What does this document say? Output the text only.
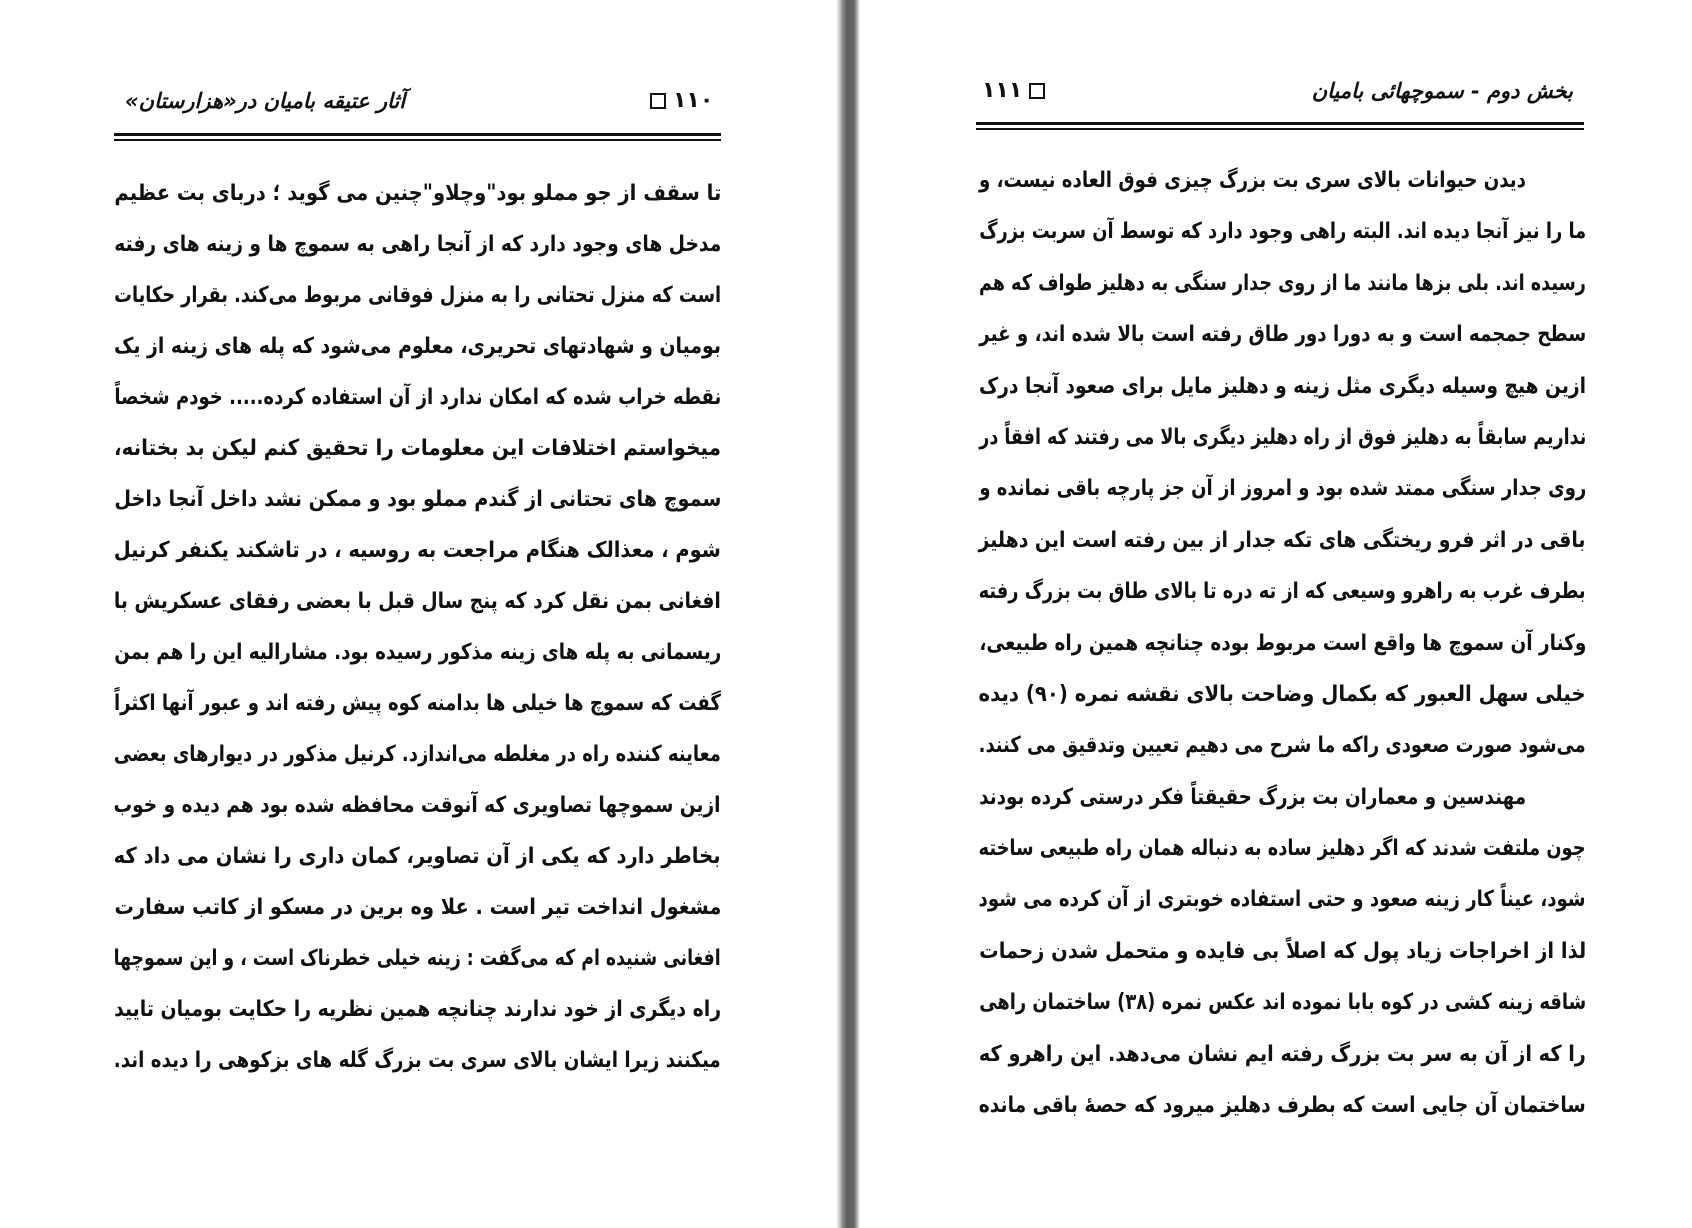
آثار عتیقه بامیان در«هزارستان»	۱۱۰
تا سقف از جو مملو بود"وچلاو"چنین می گوید ؛ دربای بت عظیم
مدخل های وجود دارد که از آنجا راهی به سموچ ها و زینه های رفته
است که منزل تحتانی را به منزل فوقانی مربوط می‌کند. بقرار حکایات
بومیان و شهادتهای تحریری، معلوم می‌شود که پله های زینه از یک
نقطه خراب شده که امکان ندارد از آن استفاده کرده..... خودم شخصاً
میخواستم اختلافات این معلومات را تحقیق کنم لیکن بد بختانه،
سموچ های تحتانی از گندم مملو بود و ممکن نشد داخل آنجا داخل
شوم ، معذالک هنگام مراجعت به روسیه ، در تاشکند یکنفر کرنیل
افغانی بمن نقل کرد که پنج سال قبل با بعضی رفقای عسکریش با
ریسمانی به پله های زینه مذکور رسیده بود. مشارالیه این را هم بمن
گفت که سموچ ها خیلی ها بدامنه کوه پیش رفته اند و عبور آنها اکثراً
معاینه کننده راه در مغلطه می‌اندازد. کرنیل مذکور در دیوارهای بعضی
ازین سموچها تصاویری که آنوقت محافظه شده بود هم دیده و خوب
بخاطر دارد که یکی از آن تصاویر، کمان داری را نشان می داد که
مشغول انداخت تیر است . علا وه برین در مسکو از کاتب سفارت
افغانی شنیده ام که می‌گفت : زینه خیلی خطرناک است ، و این سموچها
راه دیگری از خود ندارند چنانچه همین نظریه را حکایت بومیان تایید
میکنند زیرا ایشان بالای سری بت بزرگ گله های بزکوهی را دیده اند.
بخش دوم - سموچهائی بامیان
۱۱۱
دیدن حیوانات بالای سری بت بزرگ چیزی فوق العاده نیست، و
ما را نیز آنجا دیده اند. البته راهی وجود دارد که توسط آن سربت بزرگ
رسیده اند. بلی بزها مانند ما از روی جدار سنگی به دهلیز طواف که هم
سطح جمجمه است و به دورا دور طاق رفته است بالا شده اند، و غیر
ازین هیچ وسیله دیگری مثل زینه و دهلیز مایل برای صعود آنجا درک
نداریم سابقاً به دهلیز فوق از راه دهلیز دیگری بالا می رفتند که افقاً در
روی جدار سنگی ممتد شده بود و امروز از آن جز پارچه باقی نمانده و
باقی در اثر فرو ریختگی های تکه جدار از بین رفته است این دهلیز
بطرف غرب به راهرو وسیعی که از ته دره تا بالای طاق بت بزرگ رفته
وکنار آن سموچ ها واقع است مربوط بوده چنانچه همین راه طبیعی،
خیلی سهل العبور که بکمال وضاحت بالای نقشه نمره (۹۰) دیده
می‌شود صورت صعودی راکه ما شرح می دهیم تعیین وتدقیق می کنند.
مهندسین و معماران بت بزرگ حقیقتاً فکر درستی کرده بودند
چون ملتفت شدند که اگر دهلیز ساده به دنباله همان راه طبیعی ساخته
شود، عیناً کار زینه صعود و حتی استفاده خوبتری از آن کرده می شود
لذا از اخراجات زیاد پول که اصلاً بی فایده و متحمل شدن زحمات
شاقه زینه کشی در کوه بابا نموده اند عکس نمره (۳۸) ساختمان راهی
را که از آن به سر بت بزرگ رفته ایم نشان می‌دهد. این راهرو که
ساختمان آن جایی است که بطرف دهلیز میرود که حصهٔ باقی مانده
